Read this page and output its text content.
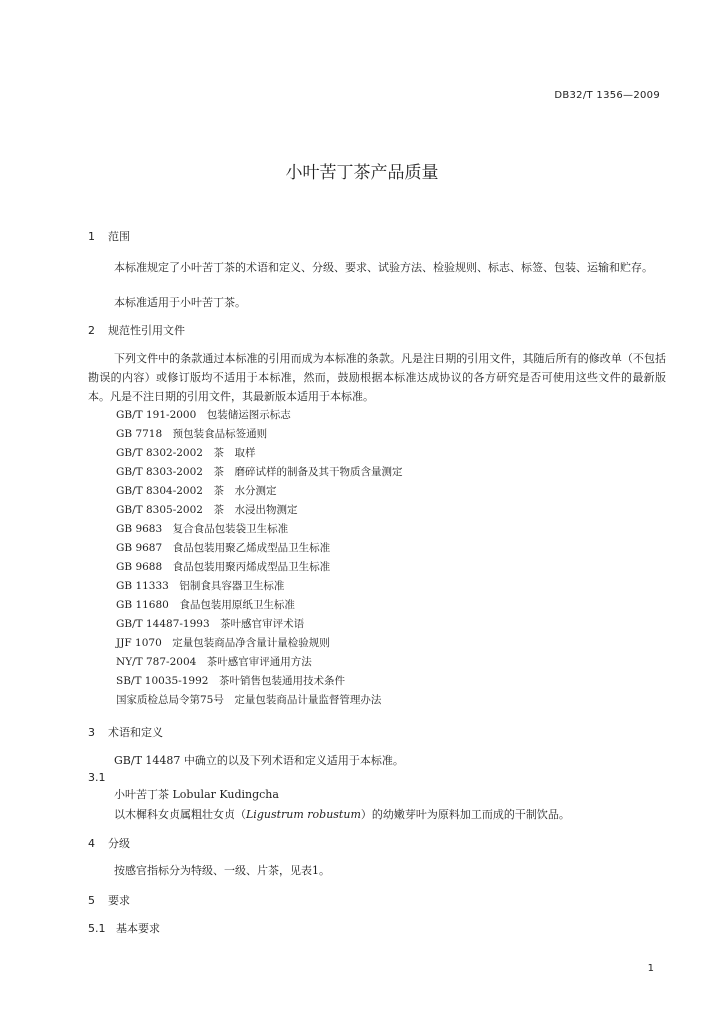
DB32/T 1356—2009
小叶苦丁茶产品质量
1 范围
本标准规定了小叶苦丁茶的术语和定义、分级、要求、试验方法、检验规则、标志、标签、包装、运输和贮存。
本标准适用于小叶苦丁茶。
2 规范性引用文件
下列文件中的条款通过本标准的引用而成为本标准的条款。凡是注日期的引用文件，其随后所有的修改单（不包括勘误的内容）或修订版均不适用于本标准，然而，鼓励根据本标准达成协议的各方研究是否可使用这些文件的最新版本。凡是不注日期的引用文件，其最新版本适用于本标准。
GB/T 191-2000　包装储运图示标志
GB 7718　预包装食品标签通则
GB/T 8302-2002　茶　取样
GB/T 8303-2002　茶　磨碎试样的制备及其干物质含量测定
GB/T 8304-2002　茶　水分测定
GB/T 8305-2002　茶　水浸出物测定
GB 9683　复合食品包装袋卫生标准
GB 9687　食品包装用聚乙烯成型品卫生标准
GB 9688　食品包装用聚丙烯成型品卫生标准
GB 11333　铝制食具容器卫生标准
GB 11680　食品包装用原纸卫生标准
GB/T 14487-1993　茶叶感官审评术语
JJF 1070　定量包装商品净含量计量检验规则
NY/T 787-2004　茶叶感官审评通用方法
SB/T 10035-1992　茶叶销售包装通用技术条件
国家质检总局令第75号　定量包装商品计量监督管理办法
3 术语和定义
GB/T 14487 中确立的以及下列术语和定义适用于本标准。
3.1
小叶苦丁茶 Lobular Kudingcha
以木樨科女贞属粗壮女贞（Ligustrum robustum）的幼嫩芽叶为原料加工而成的干制饮品。
4 分级
按感官指标分为特级、一级、片茶，见表1。
5 要求
5.1 基本要求
1
